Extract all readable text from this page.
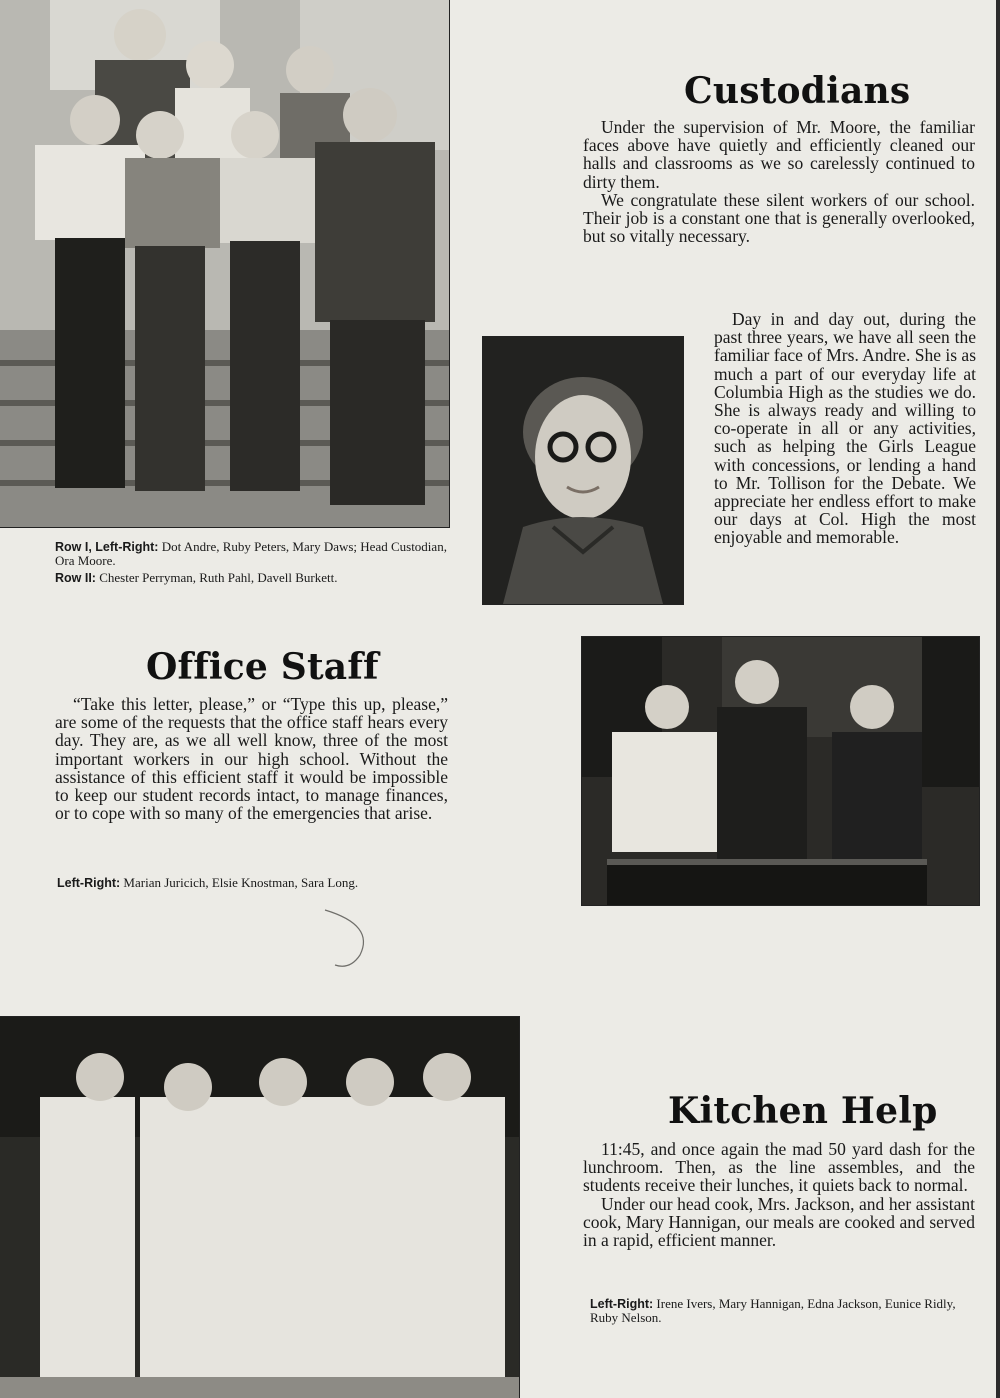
Custodians

Under the supervision of Mr. Moore, the familiar faces above have quietly and efficiently cleaned our halls and classrooms as we so carelessly continued to dirty them.

We congratulate these silent workers of our school. Their job is a constant one that is generally overlooked, but so vitally necessary.

Row I, Left-Right: Dot Andre, Ruby Peters, Mary Daws; Head Custodian, Ora Moore.
Row II: Chester Perryman, Ruth Pahl, Davell Burkett.

Day in and day out, during the past three years, we have all seen the familiar face of Mrs. Andre. She is as much a part of our everyday life at Columbia High as the studies we do. She is always ready and willing to co-operate in all or any activities, such as helping the Girls League with concessions, or lending a hand to Mr. Tollison for the Debate. We appreciate her endless effort to make our days at Col. High the most enjoyable and memorable.

Office Staff

“Take this letter, please,” or “Type this up, please,” are some of the requests that the office staff hears every day. They are, as we all well know, three of the most important workers in our high school. Without the assistance of this efficient staff it would be impossible to keep our student records intact, to manage finances, or to cope with so many of the emergencies that arise.

Left-Right: Marian Juricich, Elsie Knostman, Sara Long.
Kitchen Help

11:45, and once again the mad 50 yard dash for the lunchroom. Then, as the line assembles, and the students receive their lunches, it quiets back to normal.

Under our head cook, Mrs. Jackson, and her assistant cook, Mary Hannigan, our meals are cooked and served in a rapid, efficient manner.

Left-Right: Irene Ivers, Mary Hannigan, Edna Jackson, Eunice Ridly, Ruby Nelson.
